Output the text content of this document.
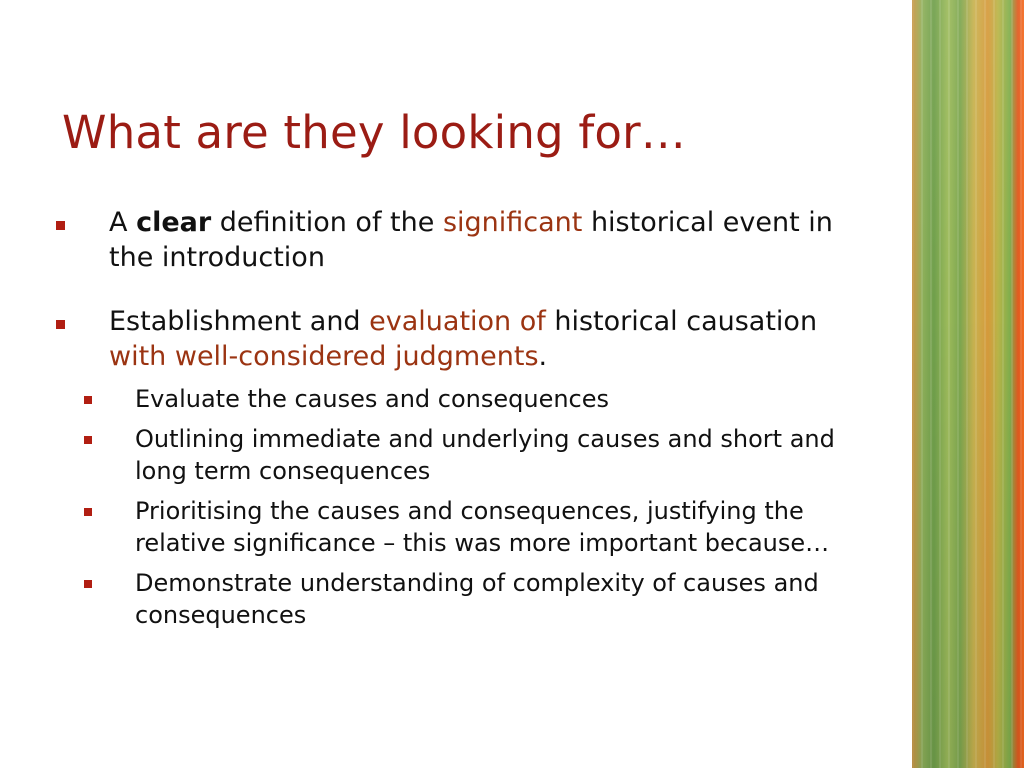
What are they looking for…

A clear definition of the significant historical event in the introduction

Establishment and evaluation of historical causation with well-considered judgments.

Evaluate the causes and consequences

Outlining immediate and underlying causes and short and long term consequences

Prioritising the causes and consequences, justifying the relative significance – this was more important because…

Demonstrate understanding of complexity of causes and consequences
